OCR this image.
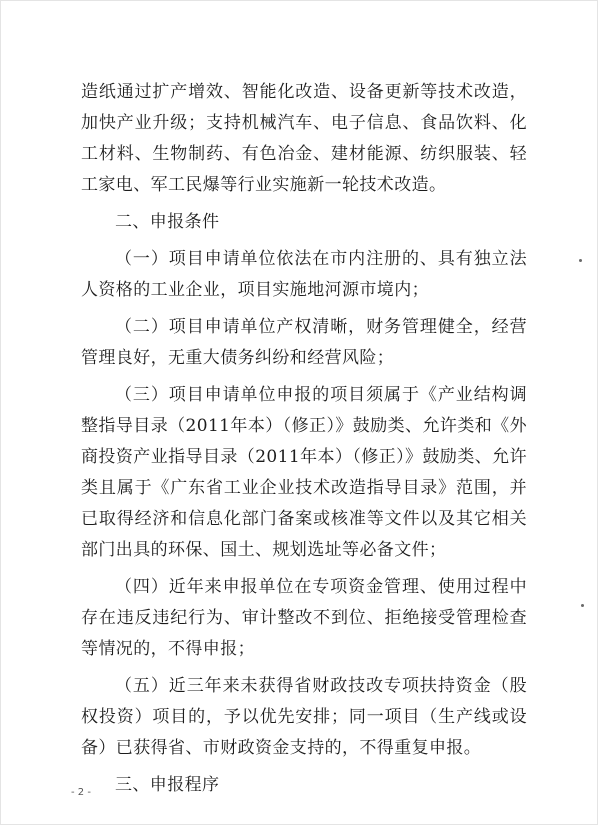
造纸通过扩产增效、智能化改造、设备更新等技术改造，加快产业升级；支持机械汽车、电子信息、食品饮料、化工材料、生物制药、有色冶金、建材能源、纺织服装、轻工家电、军工民爆等行业实施新一轮技术改造。

二、申报条件

（一）项目申请单位依法在市内注册的、具有独立法人资格的工业企业，项目实施地河源市境内；

（二）项目申请单位产权清晰，财务管理健全，经营管理良好，无重大债务纠纷和经营风险；

（三）项目申请单位申报的项目须属于《产业结构调整指导目录（2011年本）（修正）》鼓励类、允许类和《外商投资产业指导目录（2011年本）（修正）》鼓励类、允许类且属于《广东省工业企业技术改造指导目录》范围，并已取得经济和信息化部门备案或核准等文件以及其它相关部门出具的环保、国土、规划选址等必备文件；

（四）近年来申报单位在专项资金管理、使用过程中存在违反违纪行为、审计整改不到位、拒绝接受管理检查等情况的，不得申报；

（五）近三年来未获得省财政技改专项扶持资金（股权投资）项目的，予以优先安排；同一项目（生产线或设备）已获得省、市财政资金支持的，不得重复申报。

三、申报程序

- 2 -
